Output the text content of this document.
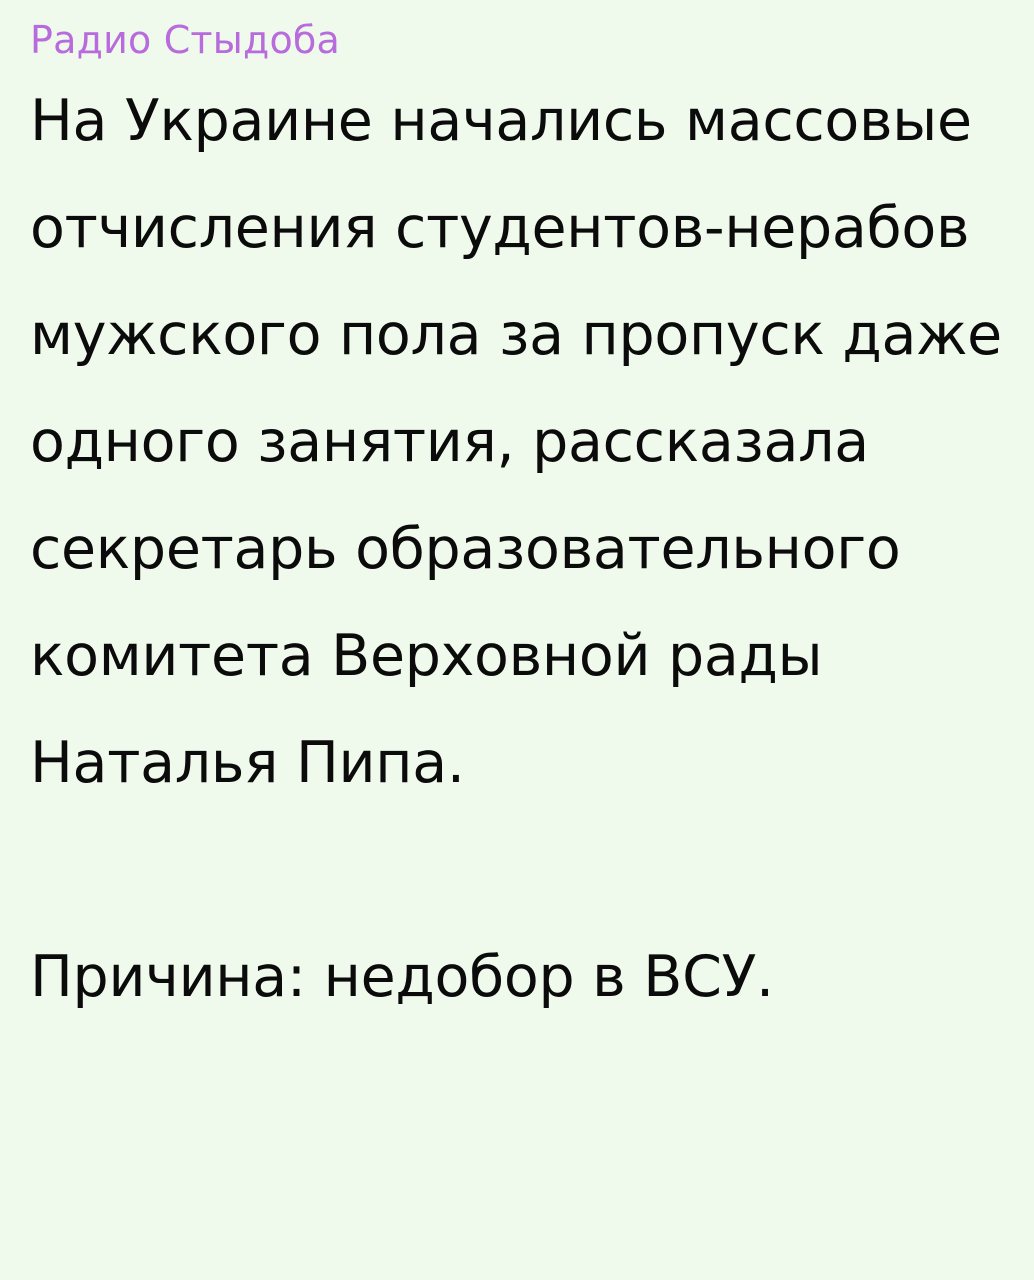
Радио Стыдоба

На Украине начались массовые отчисления студентов-нерабов мужского пола за пропуск даже одного занятия, рассказала секретарь образовательного комитета Верховной рады Наталья Пипа.

Причина: недобор в ВСУ.
